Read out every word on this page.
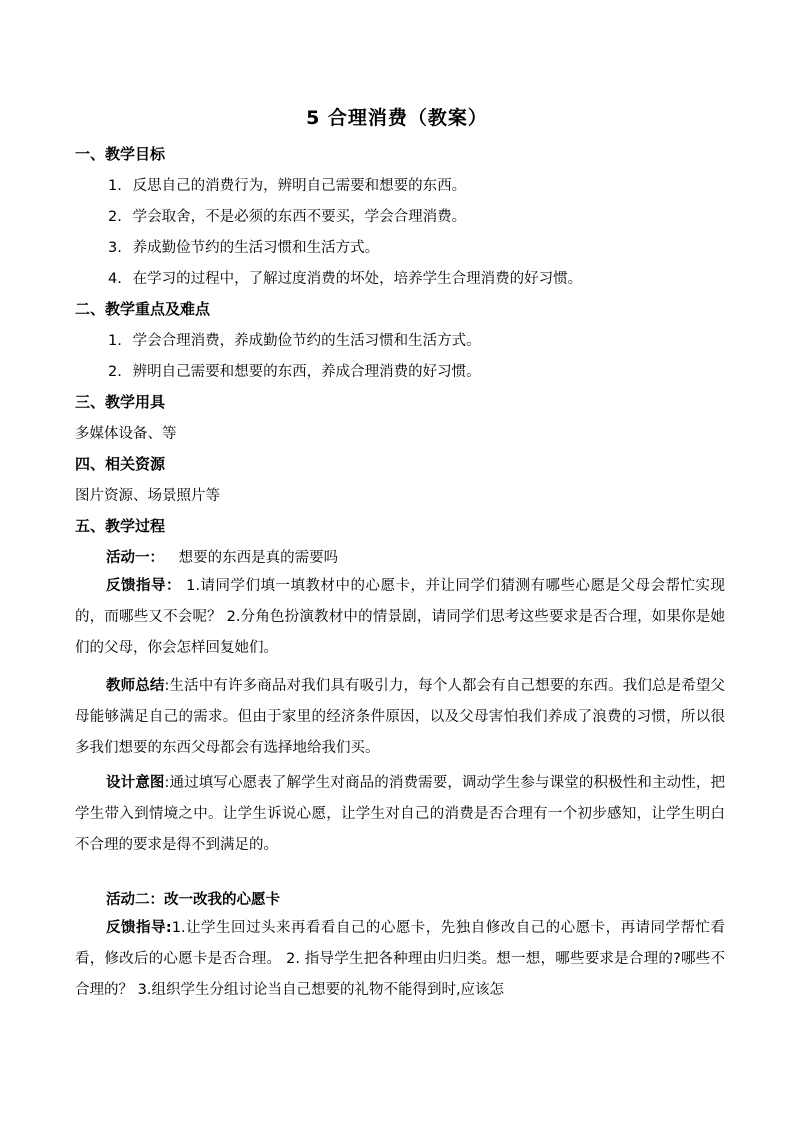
5 合理消费（教案）
一、教学目标
1. 反思自己的消费行为，辨明自己需要和想要的东西。
2. 学会取舍，不是必须的东西不要买，学会合理消费。
3. 养成勤俭节约的生活习惯和生活方式。
4. 在学习的过程中，了解过度消费的坏处，培养学生合理消费的好习惯。
二、教学重点及难点
1. 学会合理消费，养成勤俭节约的生活习惯和生活方式。
2. 辨明自己需要和想要的东西，养成合理消费的好习惯。
三、教学用具
多媒体设备、等
四、相关资源
图片资源、场景照片等
五、教学过程
活动一： 想要的东西是真的需要吗
反馈指导： 1.请同学们填一填教材中的心愿卡，并让同学们猜测有哪些心愿是父母会帮忙实现的，而哪些又不会呢？ 2.分角色扮演教材中的情景剧，请同学们思考这些要求是否合理，如果你是她们的父母，你会怎样回复她们。
教师总结:生活中有许多商品对我们具有吸引力，每个人都会有自己想要的东西。我们总是希望父母能够满足自己的需求。但由于家里的经济条件原因，以及父母害怕我们养成了浪费的习惯，所以很多我们想要的东西父母都会有选择地给我们买。
设计意图:通过填写心愿表了解学生对商品的消费需要，调动学生参与课堂的积极性和主动性，把学生带入到情境之中。让学生诉说心愿，让学生对自己的消费是否合理有一个初步感知，让学生明白不合理的要求是得不到满足的。
活动二：改一改我的心愿卡
反馈指导:1.让学生回过头来再看看自己的心愿卡，先独自修改自己的心愿卡，再请同学帮忙看看，修改后的心愿卡是否合理。 2. 指导学生把各种理由归归类。想一想，哪些要求是合理的?哪些不合理的？ 3.组织学生分组讨论当自己想要的礼物不能得到时,应该怎
